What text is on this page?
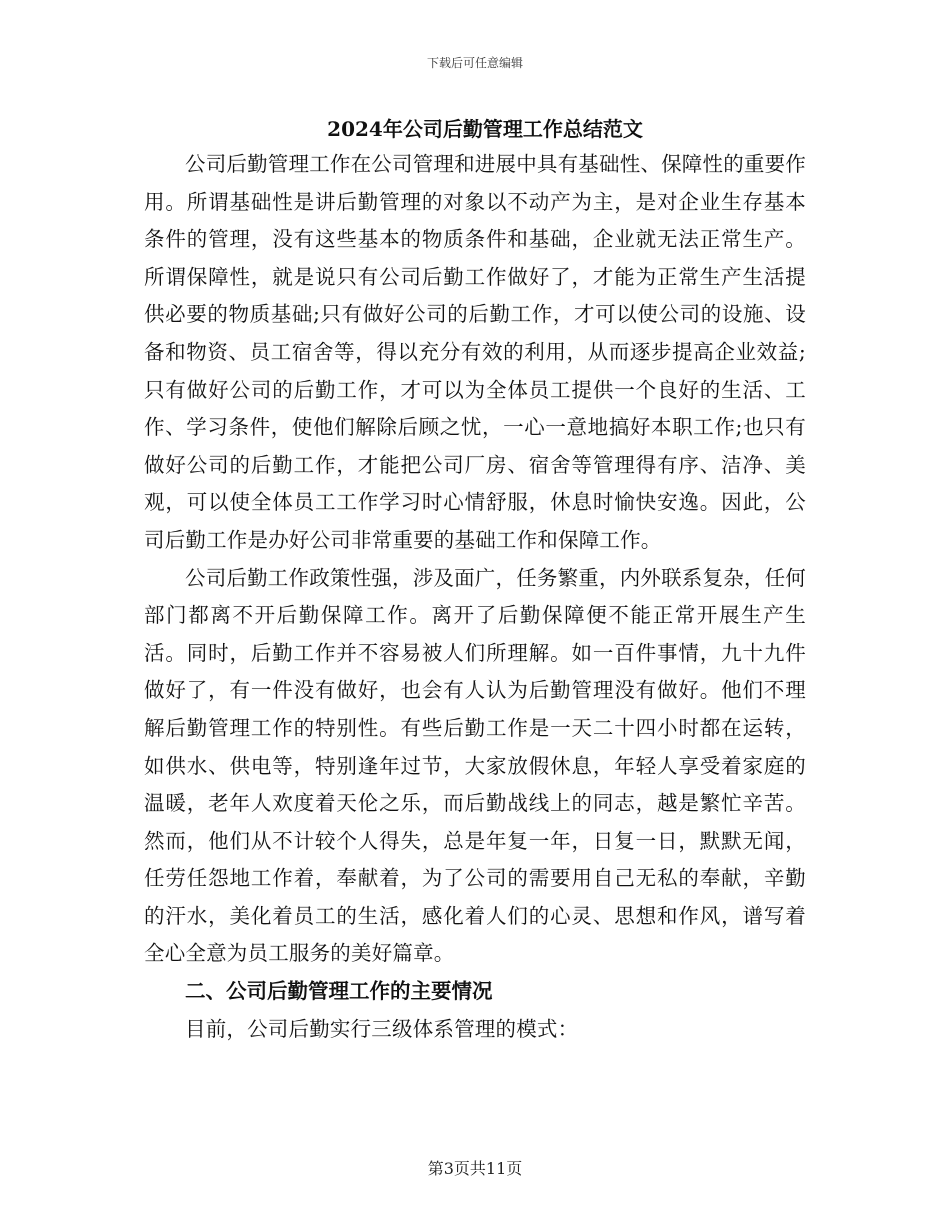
下载后可任意编辑
2024年公司后勤管理工作总结范文

公司后勤管理工作在公司管理和进展中具有基础性、保障性的重要作用。所谓基础性是讲后勤管理的对象以不动产为主，是对企业生存基本条件的管理，没有这些基本的物质条件和基础，企业就无法正常生产。所谓保障性，就是说只有公司后勤工作做好了，才能为正常生产生活提供必要的物质基础;只有做好公司的后勤工作，才可以使公司的设施、设备和物资、员工宿舍等，得以充分有效的利用，从而逐步提高企业效益;只有做好公司的后勤工作，才可以为全体员工提供一个良好的生活、工作、学习条件，使他们解除后顾之忧，一心一意地搞好本职工作;也只有做好公司的后勤工作，才能把公司厂房、宿舍等管理得有序、洁净、美观，可以使全体员工工作学习时心情舒服，休息时愉快安逸。因此，公司后勤工作是办好公司非常重要的基础工作和保障工作。

公司后勤工作政策性强，涉及面广，任务繁重，内外联系复杂，任何部门都离不开后勤保障工作。离开了后勤保障便不能正常开展生产生活。同时，后勤工作并不容易被人们所理解。如一百件事情，九十九件做好了，有一件没有做好，也会有人认为后勤管理没有做好。他们不理解后勤管理工作的特别性。有些后勤工作是一天二十四小时都在运转，如供水、供电等，特别逢年过节，大家放假休息，年轻人享受着家庭的温暖，老年人欢度着天伦之乐，而后勤战线上的同志，越是繁忙辛苦。然而，他们从不计较个人得失，总是年复一年，日复一日，默默无闻，任劳任怨地工作着，奉献着，为了公司的需要用自己无私的奉献，辛勤的汗水，美化着员工的生活，感化着人们的心灵、思想和作风，谱写着全心全意为员工服务的美好篇章。

二、公司后勤管理工作的主要情况

目前，公司后勤实行三级体系管理的模式：

第3页共11页
